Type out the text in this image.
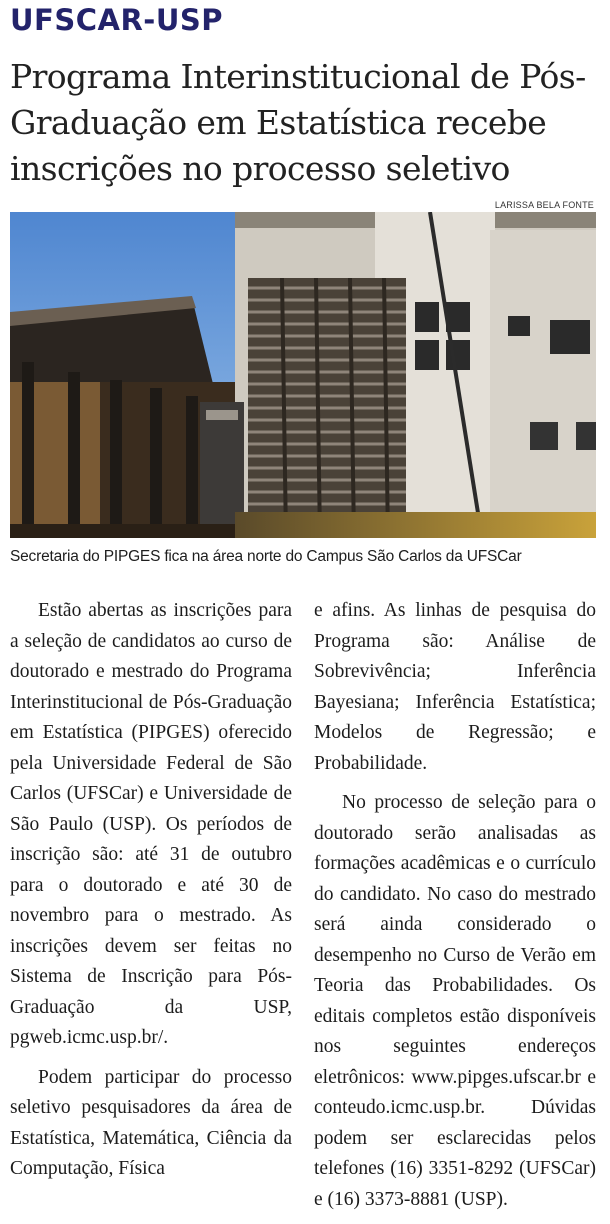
UFSCAR-USP
Programa Interinstitucional de Pós-Graduação em Estatística recebe inscrições no processo seletivo
LARISSA BELA FONTE
Secretaria do PIPGES fica na área norte do Campus São Carlos da UFSCar

Estão abertas as inscrições para a seleção de candidatos ao curso de doutorado e mestrado do Programa Interinstitucional de Pós-Graduação em Estatística (PIPGES) oferecido pela Universidade Federal de São Carlos (UFSCar) e Universidade de São Paulo (USP). Os períodos de inscrição são: até 31 de outubro para o doutorado e até 30 de novembro para o mestrado. As inscrições devem ser feitas no Sistema de Inscrição para Pós-Graduação da USP, pgweb.icmc.usp.br/.

Podem participar do processo seletivo pesquisadores da área de Estatística, Matemática, Ciência da Computação, Física

e afins. As linhas de pesquisa do Programa são: Análise de Sobrevivência; Inferência Bayesiana; Inferência Estatística; Modelos de Regressão; e Probabilidade.

No processo de seleção para o doutorado serão analisadas as formações acadêmicas e o currículo do candidato. No caso do mestrado será ainda considerado o desempenho no Curso de Verão em Teoria das Probabilidades. Os editais completos estão disponíveis nos seguintes endereços eletrônicos: www.pipges.ufscar.br e conteudo.icmc.usp.br. Dúvidas podem ser esclarecidas pelos telefones (16) 3351-8292 (UFSCar) e (16) 3373-8881 (USP).
